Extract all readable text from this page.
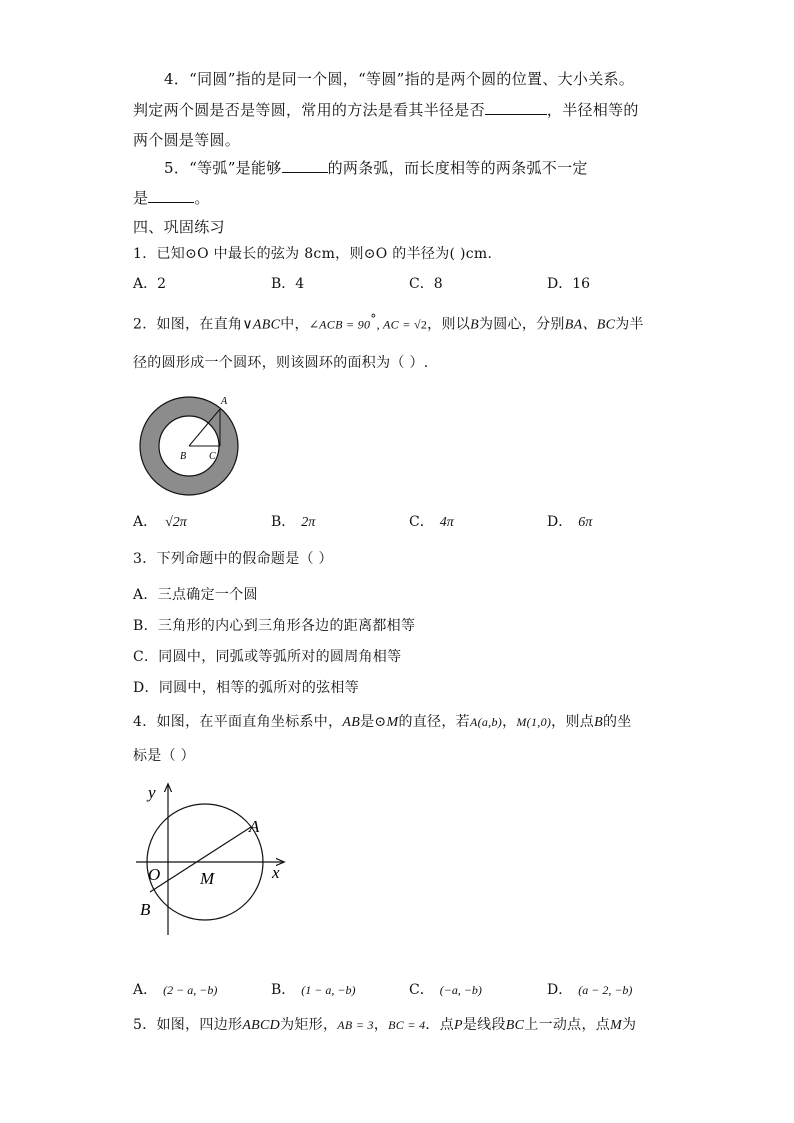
4．“同圆”指的是同一个圆，“等圆”指的是两个圆的位置、大小关系。
判定两个圆是否是等圆，常用的方法是看其半径是否	，半径相等的
两个圆是等圆。
5．“等弧”是能够	的两条弧，而长度相等的两条弧不一定
是	。
四、巩固练习
1．已知⊙O 中最长的弦为 8cm，则⊙O 的半径为( )cm.
A．2	B．4	C．8	D．16
2．如图，在直角∨ABC中，∠ACB = 90°, AC = √2，则以B为圆心，分别BA、BC为半
径的圆形成一个圆环，则该圆环的面积为（ ）.
A
B C
A． √2π	B． 2π	C． 4π	D． 6π
3．下列命题中的假命题是（ ）
A．三点确定一个圆
B．三角形的内心到三角形各边的距离都相等
C．同圆中，同弧或等弧所对的圆周角相等
D．同圆中，相等的弧所对的弦相等
4．如图，在平面直角坐标系中，AB是⊙M的直径，若A(a,b)，M(1,0)，则点B的坐
标是（ ）
y
x
O M
A
B
A． (2 − a, −b)	B． (1 − a, −b)	C． (−a, −b)	D． (a − 2, −b)
5．如图，四边形ABCD为矩形，AB = 3，BC = 4．点P是线段BC上一动点，点M为
